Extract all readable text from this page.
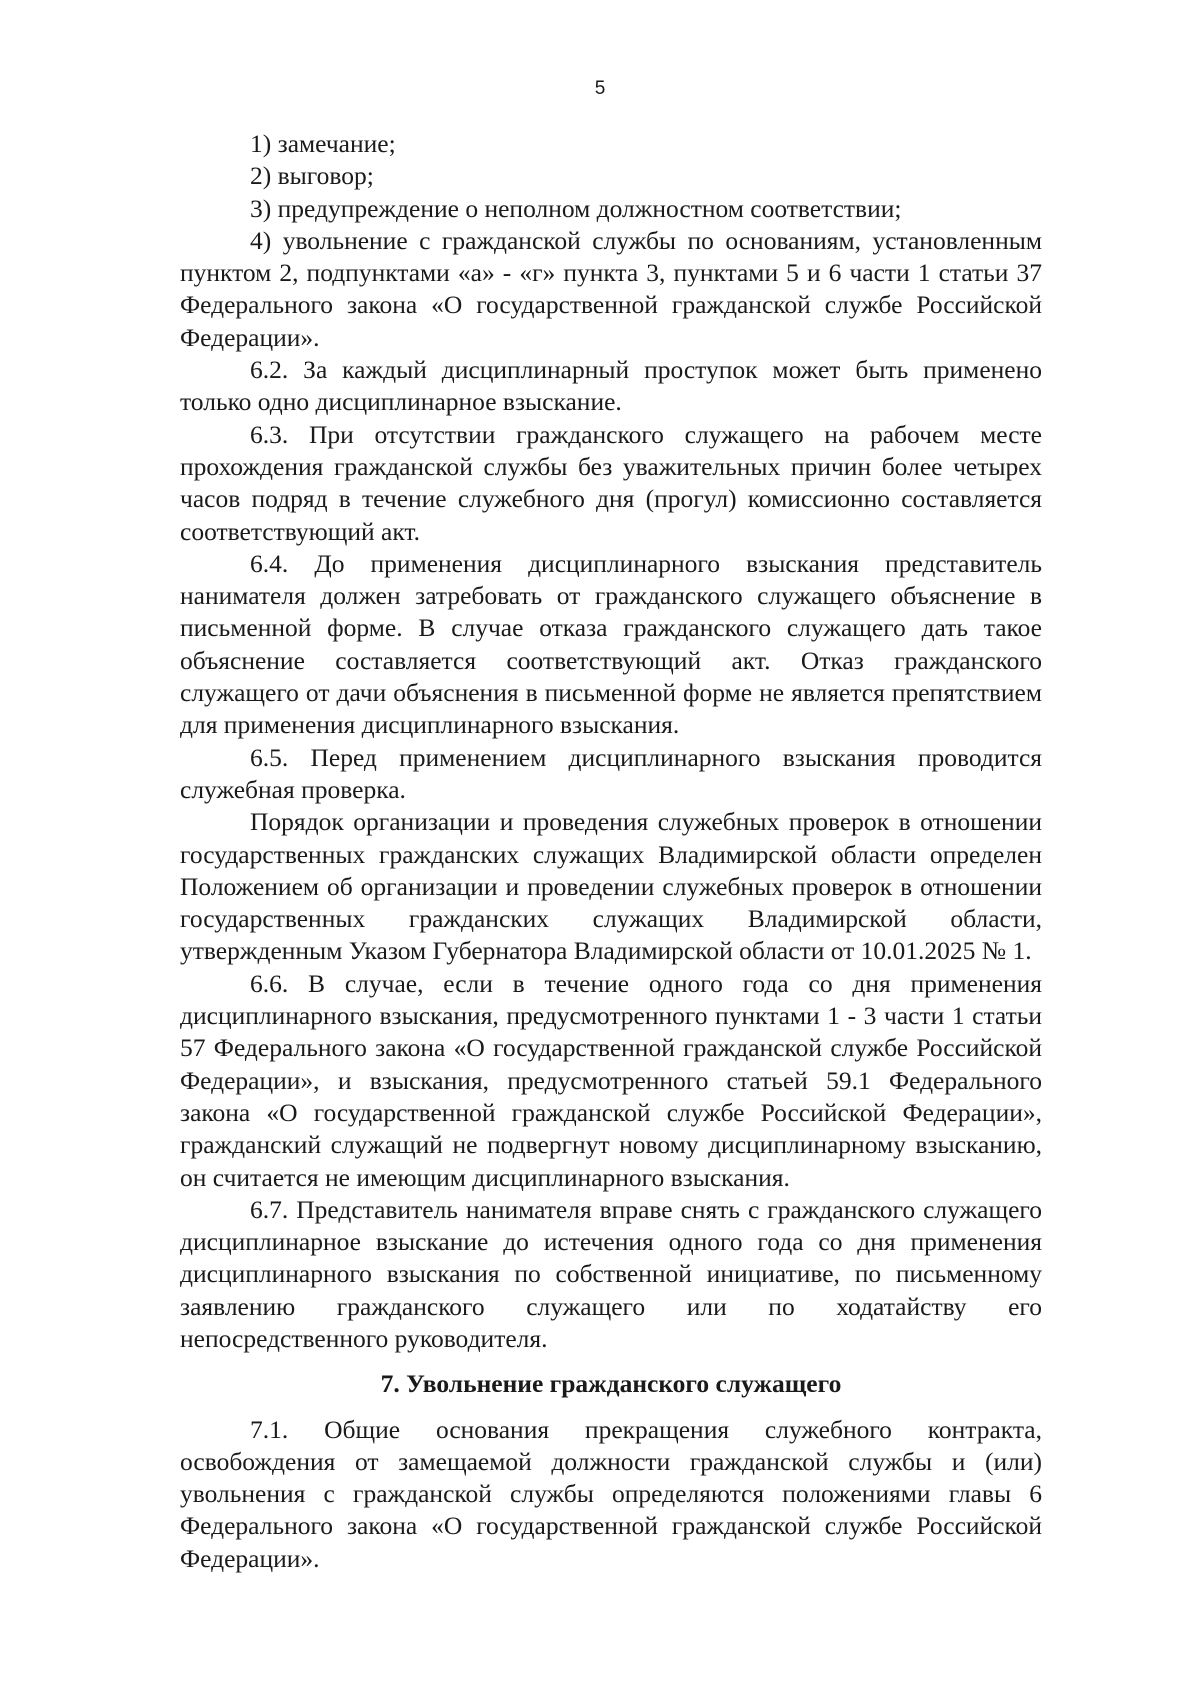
5

1) замечание;

2) выговор;

3) предупреждение о неполном должностном соответствии;

4) увольнение с гражданской службы по основаниям, установленным пунктом 2, подпунктами «а» - «г» пункта 3, пунктами 5 и 6 части 1 статьи 37 Федерального закона «О государственной гражданской службе Российской Федерации».

6.2. За каждый дисциплинарный проступок может быть применено только одно дисциплинарное взыскание.

6.3. При отсутствии гражданского служащего на рабочем месте прохождения гражданской службы без уважительных причин более четырех часов подряд в течение служебного дня (прогул) комиссионно составляется соответствующий акт.

6.4. До применения дисциплинарного взыскания представитель нанимателя должен затребовать от гражданского служащего объяснение в письменной форме. В случае отказа гражданского служащего дать такое объяснение составляется соответствующий акт. Отказ гражданского служащего от дачи объяснения в письменной форме не является препятствием для применения дисциплинарного взыскания.

6.5. Перед применением дисциплинарного взыскания проводится служебная проверка.

Порядок организации и проведения служебных проверок в отношении государственных гражданских служащих Владимирской области определен Положением об организации и проведении служебных проверок в отношении государственных гражданских служащих Владимирской области, утвержденным Указом Губернатора Владимирской области от 10.01.2025 № 1.

6.6. В случае, если в течение одного года со дня применения дисциплинарного взыскания, предусмотренного пунктами 1 - 3 части 1 статьи 57 Федерального закона «О государственной гражданской службе Российской Федерации», и взыскания, предусмотренного статьей 59.1 Федерального закона «О государственной гражданской службе Российской Федерации», гражданский служащий не подвергнут новому дисциплинарному взысканию, он считается не имеющим дисциплинарного взыскания.

6.7. Представитель нанимателя вправе снять с гражданского служащего дисциплинарное взыскание до истечения одного года со дня применения дисциплинарного взыскания по собственной инициативе, по письменному заявлению гражданского служащего или по ходатайству его непосредственного руководителя.

7. Увольнение гражданского служащего

7.1. Общие основания прекращения служебного контракта, освобождения от замещаемой должности гражданской службы и (или) увольнения с гражданской службы определяются положениями главы 6 Федерального закона «О государственной гражданской службе Российской Федерации».
